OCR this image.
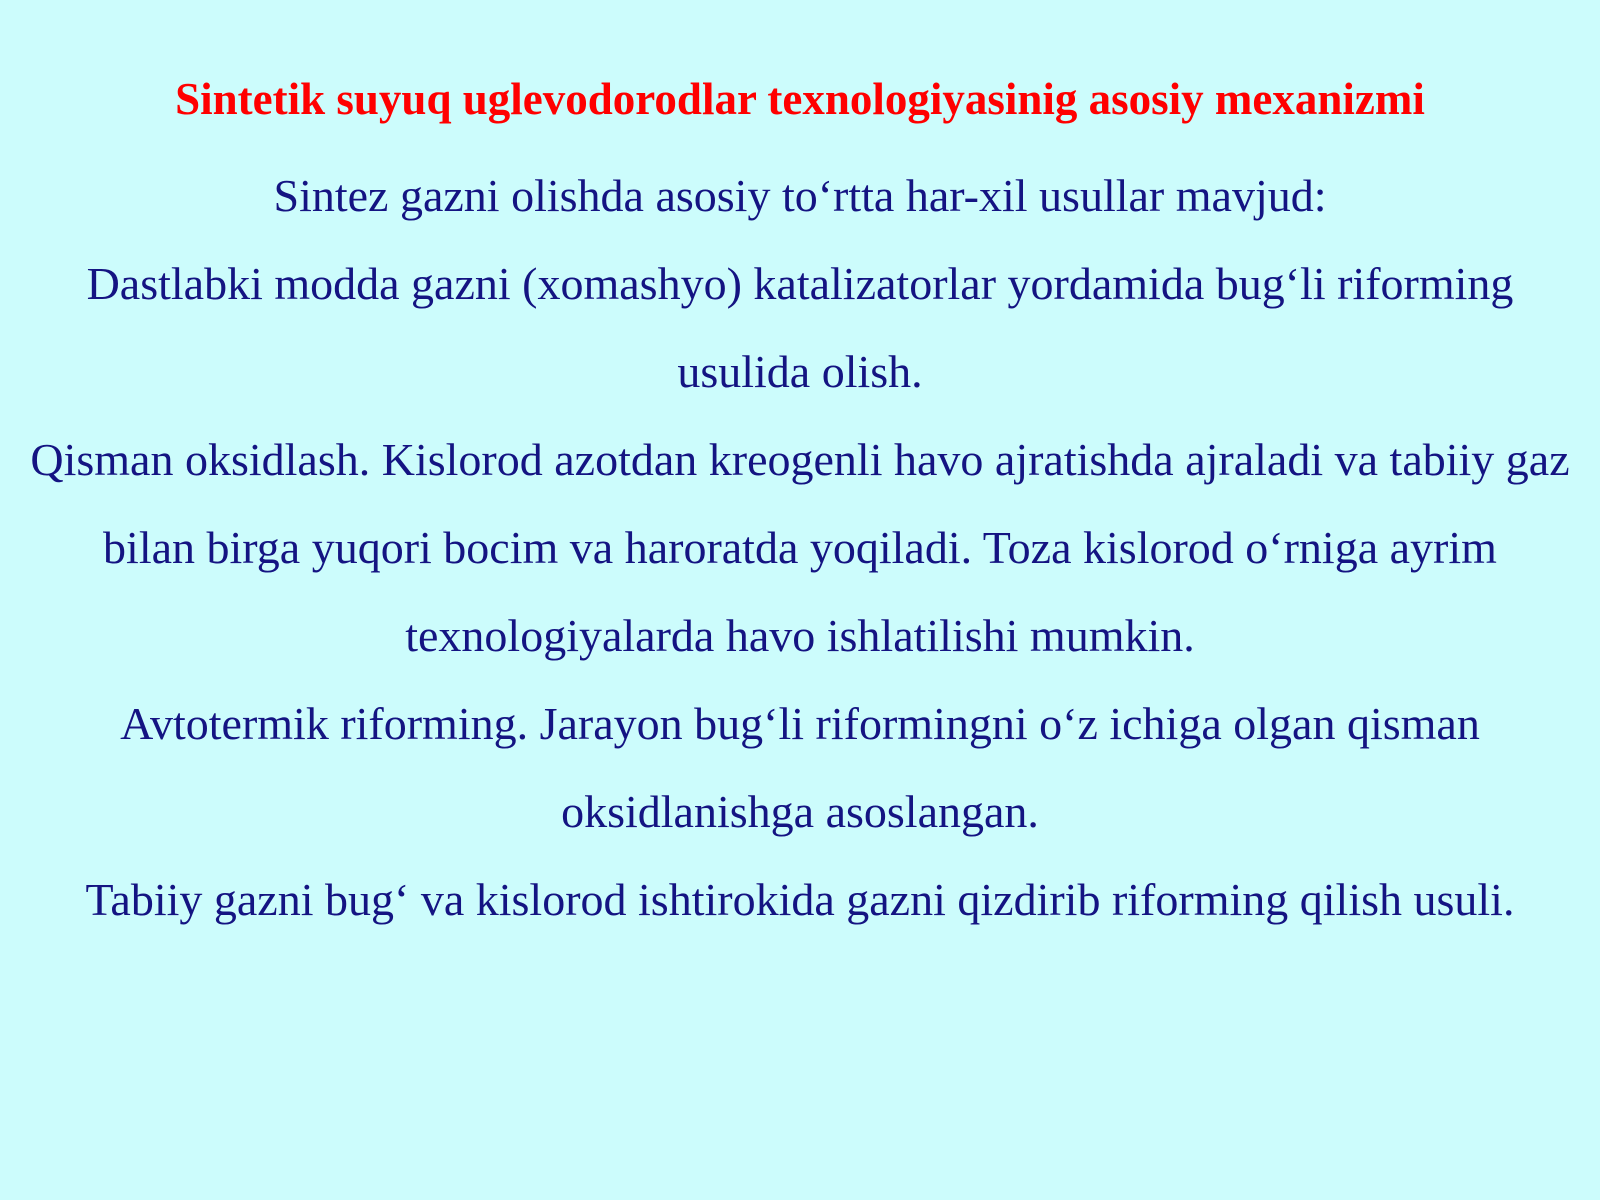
Sintetik suyuq uglevodorodlar texnologiyasinig asosiy mexanizmi

Sintez gazni olishda asosiy to‘rtta har-xil usullar mavjud:

Dastlabki modda gazni (xomashyo) katalizatorlar yordamida bug‘li riforming usulida olish.

Qisman oksidlash. Kislorod azotdan kreogenli havo ajratishda ajraladi va tabiiy gaz bilan birga yuqori bocim va haroratda yoqiladi. Toza kislorod o‘rniga ayrim texnologiyalarda havo ishlatilishi mumkin.

Avtotermik riforming. Jarayon bug‘li riformingni o‘z ichiga olgan qisman oksidlanishga asoslangan.

Tabiiy gazni bug‘ va kislorod ishtirokida gazni qizdirib riforming qilish usuli.
